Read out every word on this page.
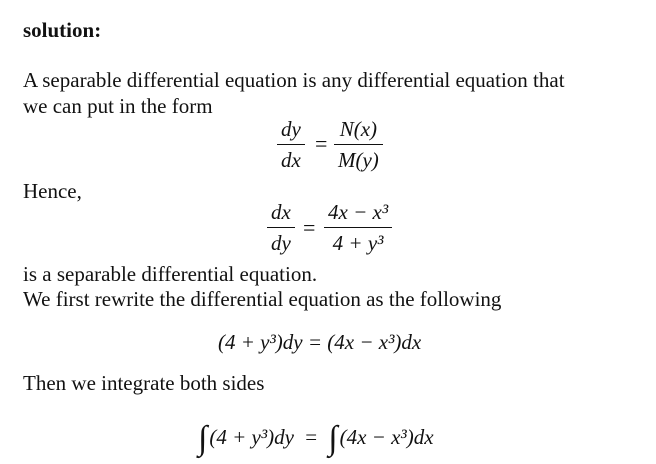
solution:

A separable differential equation is any differential equation that

we can put in the form

dy
dx
=
N(x)
M(y)

Hence,

dx
dy
=
4x − x³
4 + y³

is a separable differential equation.

We first rewrite the differential equation as the following

(4 + y³)dy = (4x − x³)dx

Then we integrate both sides

∫(4 + y³)dy = ∫(4x − x³)dx
